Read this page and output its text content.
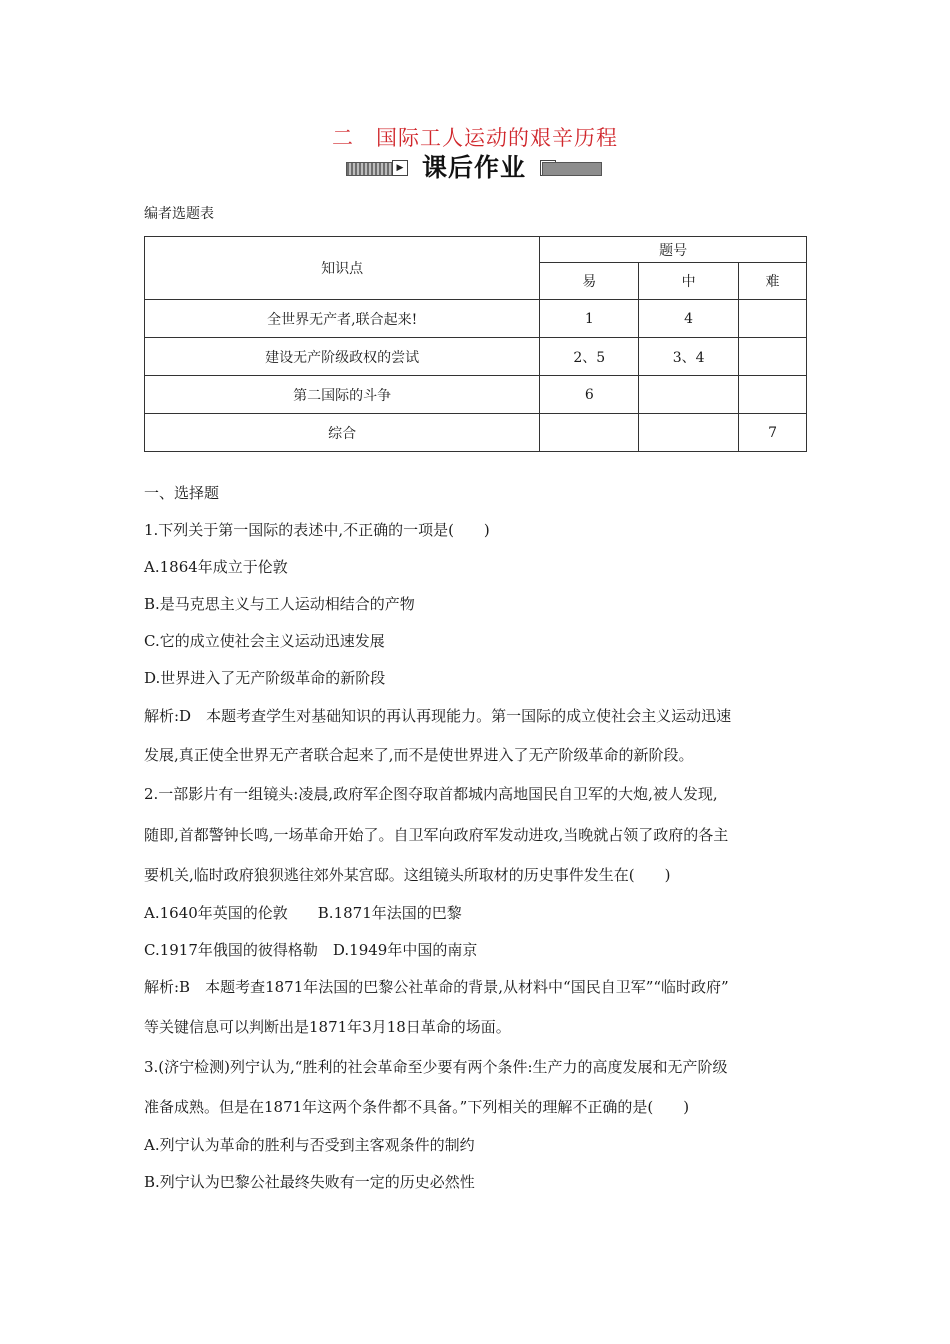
二　国际工人运动的艰辛历程
▶ 课后作业
编者选题表
知识点	题号		
	易	中	难
全世界无产者,联合起来!	1	4	
建设无产阶级政权的尝试	2、5	3、4	
第二国际的斗争	6		
综合			7
一、选择题
1.下列关于第一国际的表述中,不正确的一项是(　　)
A.1864年成立于伦敦
B.是马克思主义与工人运动相结合的产物
C.它的成立使社会主义运动迅速发展
D.世界进入了无产阶级革命的新阶段
解析:D　本题考查学生对基础知识的再认再现能力。第一国际的成立使社会主义运动迅速
发展,真正使全世界无产者联合起来了,而不是使世界进入了无产阶级革命的新阶段。
2.一部影片有一组镜头:凌晨,政府军企图夺取首都城内高地国民自卫军的大炮,被人发现,
随即,首都警钟长鸣,一场革命开始了。自卫军向政府军发动进攻,当晚就占领了政府的各主
要机关,临时政府狼狈逃往郊外某宫邸。这组镜头所取材的历史事件发生在(　　)
A.1640年英国的伦敦　　B.1871年法国的巴黎
C.1917年俄国的彼得格勒　D.1949年中国的南京
解析:B　本题考查1871年法国的巴黎公社革命的背景,从材料中“国民自卫军”“临时政府”
等关键信息可以判断出是1871年3月18日革命的场面。
3.(济宁检测)列宁认为,“胜利的社会革命至少要有两个条件:生产力的高度发展和无产阶级
准备成熟。但是在1871年这两个条件都不具备。”下列相关的理解不正确的是(　　)
A.列宁认为革命的胜利与否受到主客观条件的制约
B.列宁认为巴黎公社最终失败有一定的历史必然性
